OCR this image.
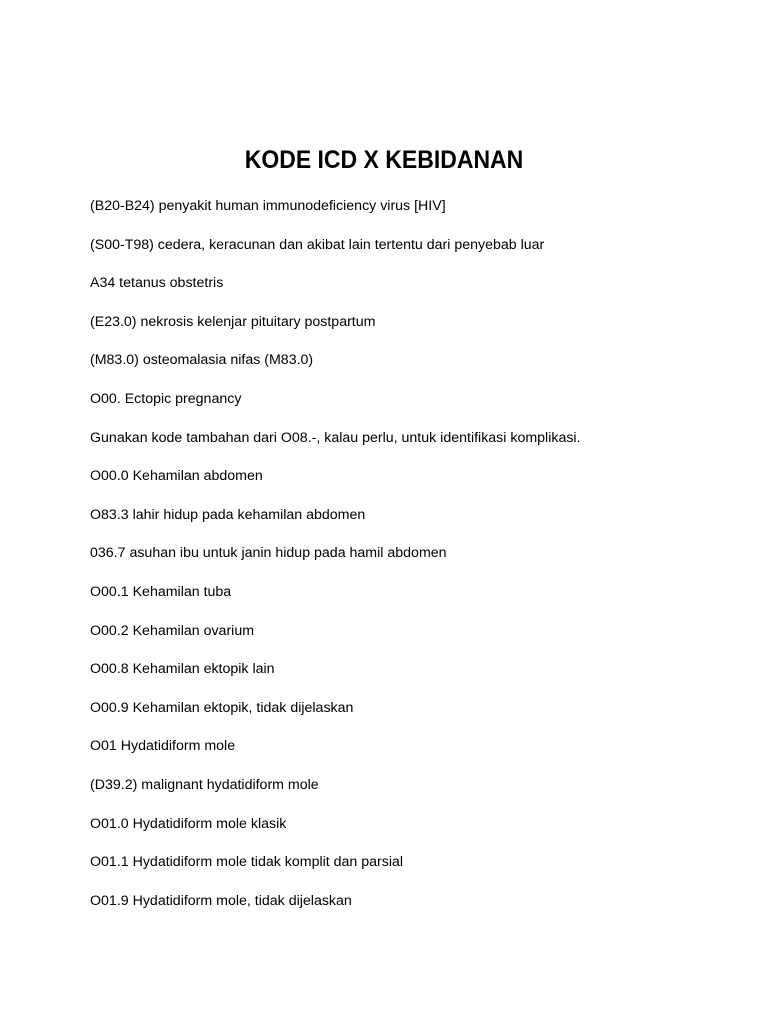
KODE ICD X KEBIDANAN
(B20-B24) penyakit human immunodeficiency virus [HIV]
(S00-T98) cedera, keracunan dan akibat lain tertentu dari penyebab luar
A34 tetanus obstetris
(E23.0) nekrosis kelenjar pituitary postpartum
(M83.0) osteomalasia nifas (M83.0)
O00. Ectopic pregnancy
Gunakan kode tambahan dari O08.-, kalau perlu, untuk identifikasi komplikasi.
O00.0 Kehamilan abdomen
O83.3 lahir hidup pada kehamilan abdomen
036.7 asuhan ibu untuk janin hidup pada hamil abdomen
O00.1 Kehamilan tuba
O00.2 Kehamilan ovarium
O00.8 Kehamilan ektopik lain
O00.9 Kehamilan ektopik, tidak dijelaskan
O01 Hydatidiform mole
(D39.2) malignant hydatidiform mole
O01.0 Hydatidiform mole klasik
O01.1 Hydatidiform mole tidak komplit dan parsial
O01.9 Hydatidiform mole, tidak dijelaskan
